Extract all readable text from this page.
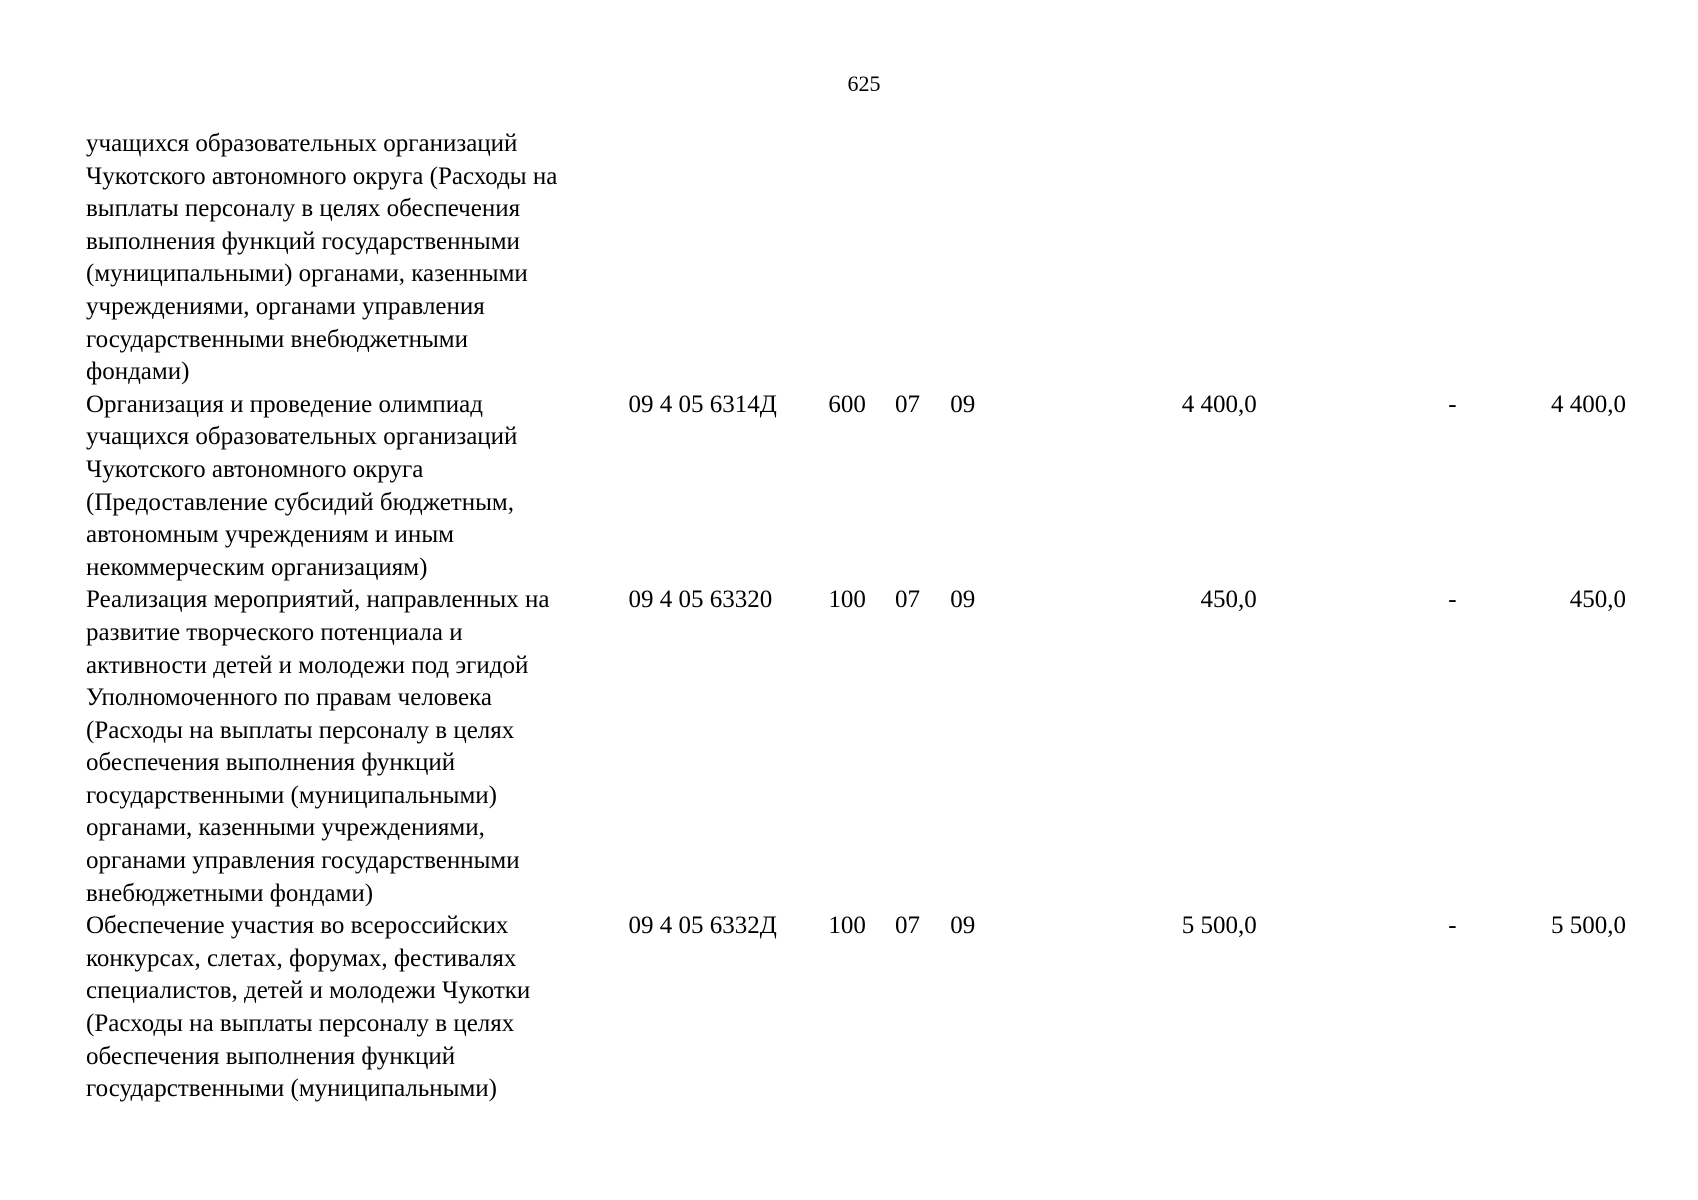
625
учащихся образовательных организаций
Чукотского автономного округа (Расходы на
выплаты персоналу в целях обеспечения
выполнения функций государственными
(муниципальными) органами, казенными
учреждениями, органами управления
государственными внебюджетными
фондами)
Организация и проведение олимпиад
учащихся образовательных организаций
Чукотского автономного округа
(Предоставление субсидий бюджетным,
автономным учреждениям и иным
некоммерческим организациям)
09 4 05 6314Д	600	07	09	4 400,0	-	4 400,0
Реализация мероприятий, направленных на
развитие творческого потенциала и
активности детей и молодежи под эгидой
Уполномоченного по правам человека
(Расходы на выплаты персоналу в целях
обеспечения выполнения функций
государственными (муниципальными)
органами, казенными учреждениями,
органами управления государственными
внебюджетными фондами)
09 4 05 63320	100	07	09	450,0	-	450,0
Обеспечение участия во всероссийских
конкурсах, слетах, форумах, фестивалях
специалистов, детей и молодежи Чукотки
(Расходы на выплаты персоналу в целях
обеспечения выполнения функций
государственными (муниципальными)
09 4 05 6332Д	100	07	09	5 500,0	-	5 500,0
